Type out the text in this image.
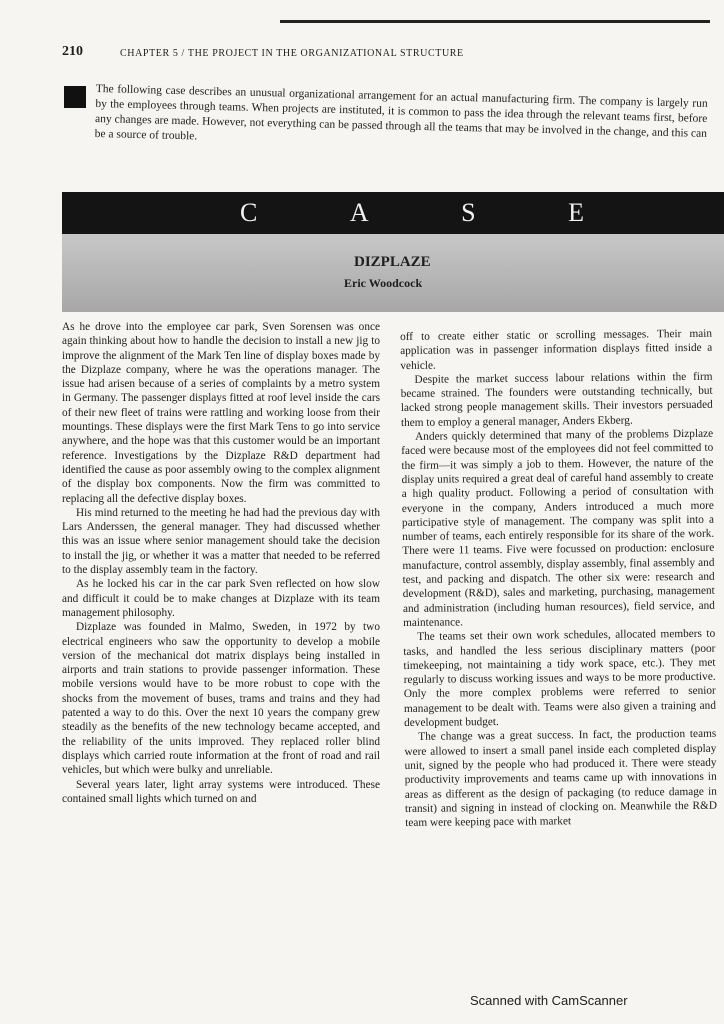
210	CHAPTER 5 / THE PROJECT IN THE ORGANIZATIONAL STRUCTURE
The following case describes an unusual organizational arrangement for an actual manufacturing firm. The company is largely run by the employees through teams. When projects are instituted, it is common to pass the idea through the relevant teams first, before any changes are made. However, not everything can be passed through all the teams that may be involved in the change, and this can be a source of trouble.
C	A	S	E
DIZPLAZE
Eric Woodcock

As he drove into the employee car park, Sven Sorensen was once again thinking about how to handle the decision to install a new jig to improve the alignment of the Mark Ten line of display boxes made by the Dizplaze company, where he was the operations manager. The issue had arisen because of a series of complaints by a metro system in Germany. The passenger displays fitted at roof level inside the cars of their new fleet of trains were rattling and working loose from their mountings. These displays were the first Mark Tens to go into service anywhere, and the hope was that this customer would be an important reference. Investigations by the Dizplaze R&D department had identified the cause as poor assembly owing to the complex alignment of the display box components. Now the firm was committed to replacing all the defective display boxes.

His mind returned to the meeting he had had the previous day with Lars Anderssen, the general manager. They had discussed whether this was an issue where senior management should take the decision to install the jig, or whether it was a matter that needed to be referred to the display assembly team in the factory.

As he locked his car in the car park Sven reflected on how slow and difficult it could be to make changes at Dizplaze with its team management philosophy.

Dizplaze was founded in Malmo, Sweden, in 1972 by two electrical engineers who saw the opportunity to develop a mobile version of the mechanical dot matrix displays being installed in airports and train stations to provide passenger information. These mobile versions would have to be more robust to cope with the shocks from the movement of buses, trams and trains and they had patented a way to do this. Over the next 10 years the company grew steadily as the benefits of the new technology became accepted, and the reliability of the units improved. They replaced roller blind displays which carried route information at the front of road and rail vehicles, but which were bulky and unreliable.

Several years later, light array systems were introduced. These contained small lights which turned on and

off to create either static or scrolling messages. Their main application was in passenger information displays fitted inside a vehicle.

Despite the market success labour relations within the firm became strained. The founders were outstanding technically, but lacked strong people management skills. Their investors persuaded them to employ a general manager, Anders Ekberg.

Anders quickly determined that many of the problems Dizplaze faced were because most of the employees did not feel committed to the firm—it was simply a job to them. However, the nature of the display units required a great deal of careful hand assembly to create a high quality product. Following a period of consultation with everyone in the company, Anders introduced a much more participative style of management. The company was split into a number of teams, each entirely responsible for its share of the work. There were 11 teams. Five were focussed on production: enclosure manufacture, control assembly, display assembly, final assembly and test, and packing and dispatch. The other six were: research and development (R&D), sales and marketing, purchasing, management and administration (including human resources), field service, and maintenance.

The teams set their own work schedules, allocated members to tasks, and handled the less serious disciplinary matters (poor timekeeping, not maintaining a tidy work space, etc.). They met regularly to discuss working issues and ways to be more productive. Only the more complex problems were referred to senior management to be dealt with. Teams were also given a training and development budget.

The change was a great success. In fact, the production teams were allowed to insert a small panel inside each completed display unit, signed by the people who had produced it. There were steady productivity improvements and teams came up with innovations in areas as different as the design of packaging (to reduce damage in transit) and signing in instead of clocking on. Meanwhile the R&D team were keeping pace with market

Scanned with CamScanner
